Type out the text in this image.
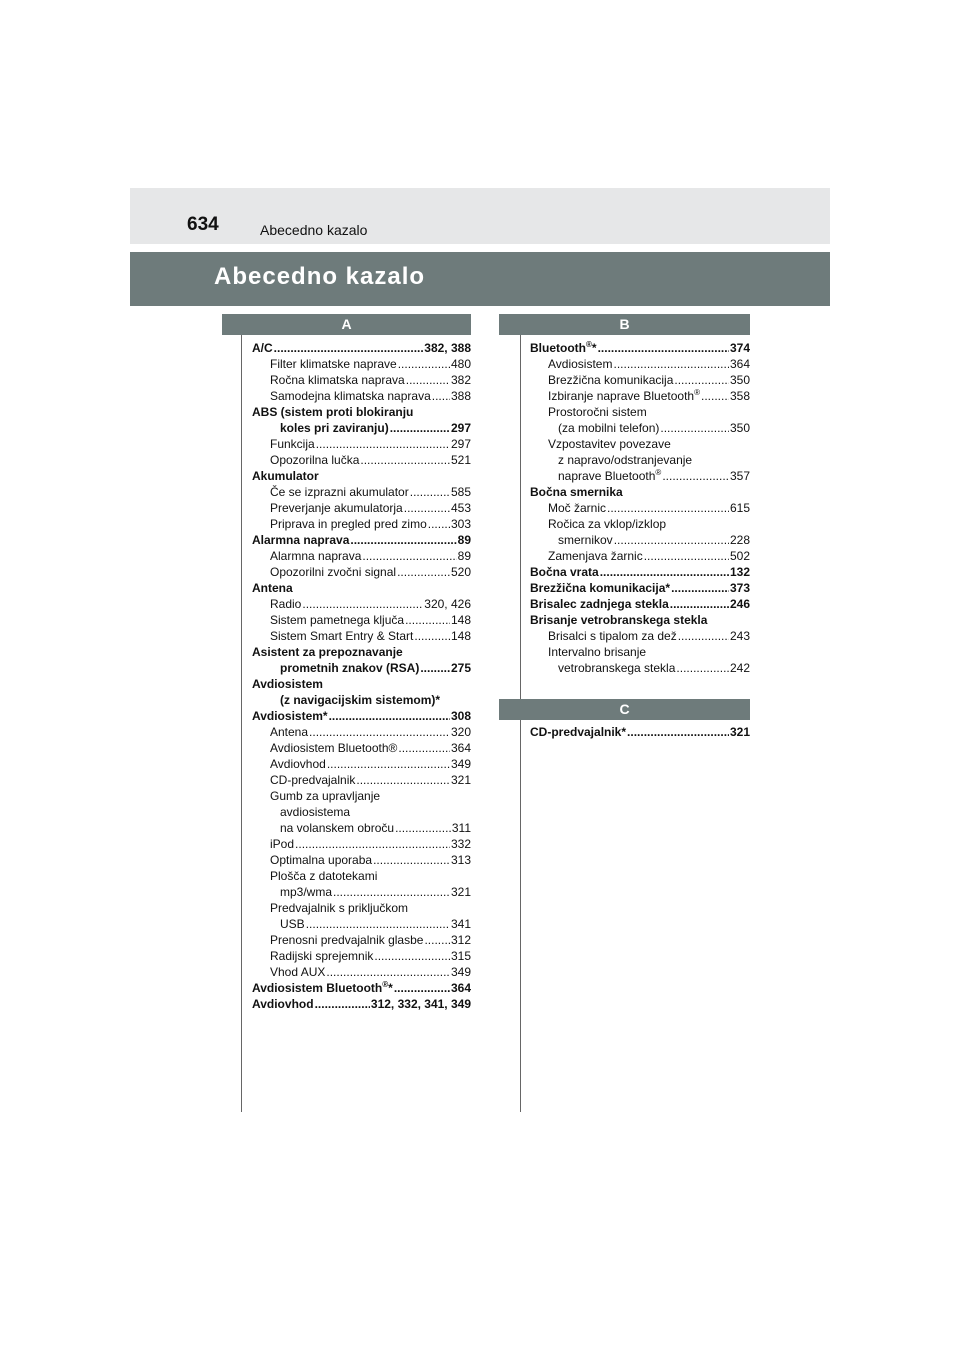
634	Abecedno kazalo
Abecedno kazalo
A	B
C
A/C .....	382, 388
Filter klimatske naprave .....	480
Ročna klimatska naprava .....	382
Samodejna klimatska naprava ..... 388
ABS (sistem proti blokiranju
koles pri zaviranju) .....	297
Funkcija .....	297
Opozorilna lučka .....	521
Akumulator
Če se izprazni akumulator .....	585
Preverjanje akumulatorja .....	453
Priprava in pregled pred zimo ..... 303
Alarmna naprava .....	89
Alarmna naprava .....	89
Opozorilni zvočni signal .....	520
Antena
Radio .....	320, 426
Sistem pametnega ključa .....	148
Sistem Smart Entry & Start .....	148
Asistent za prepoznavanje
prometnih znakov (RSA) .....	275
Avdiosistem
(z navigacijskim sistemom)*
Avdiosistem* .....	308
Antena .....	320
Avdiosistem Bluetooth® .....	364
Avdiovhod .....	349
CD-predvajalnik .....	321
Gumb za upravljanje
avdiosistema
na volanskem obroču .....	311
iPod .....	332
Optimalna uporaba .....	313
Plošča z datotekami
mp3/wma .....	321
Predvajalnik s priključkom
USB .....	341
Prenosni predvajalnik glasbe ..... 312
Radijski sprejemnik .....	315
Vhod AUX .....	349
Avdiosistem Bluetooth®* .....	364
Avdiovhod .....	312, 332, 341, 349
Bluetooth®* .....	374
Avdiosistem .....	364
Brezžična komunikacija .....	350
Izbiranje naprave Bluetooth® ..... 358
Prostoročni sistem
(za mobilni telefon) .....	350
Vzpostavitev povezave
z napravo/odstranjevanje
naprave Bluetooth® .....	357
Bočna smernika
Moč žarnic .....	615
Ročica za vklop/izklop
smernikov .....	228
Zamenjava žarnic .....	502
Bočna vrata .....	132
Brezžična komunikacija* .....	373
Brisalec zadnjega stekla .....	246
Brisanje vetrobranskega stekla
Brisalci s tipalom za dež .....	243
Intervalno brisanje
vetrobranskega stekla .....	242
CD-predvajalnik* .....	321
